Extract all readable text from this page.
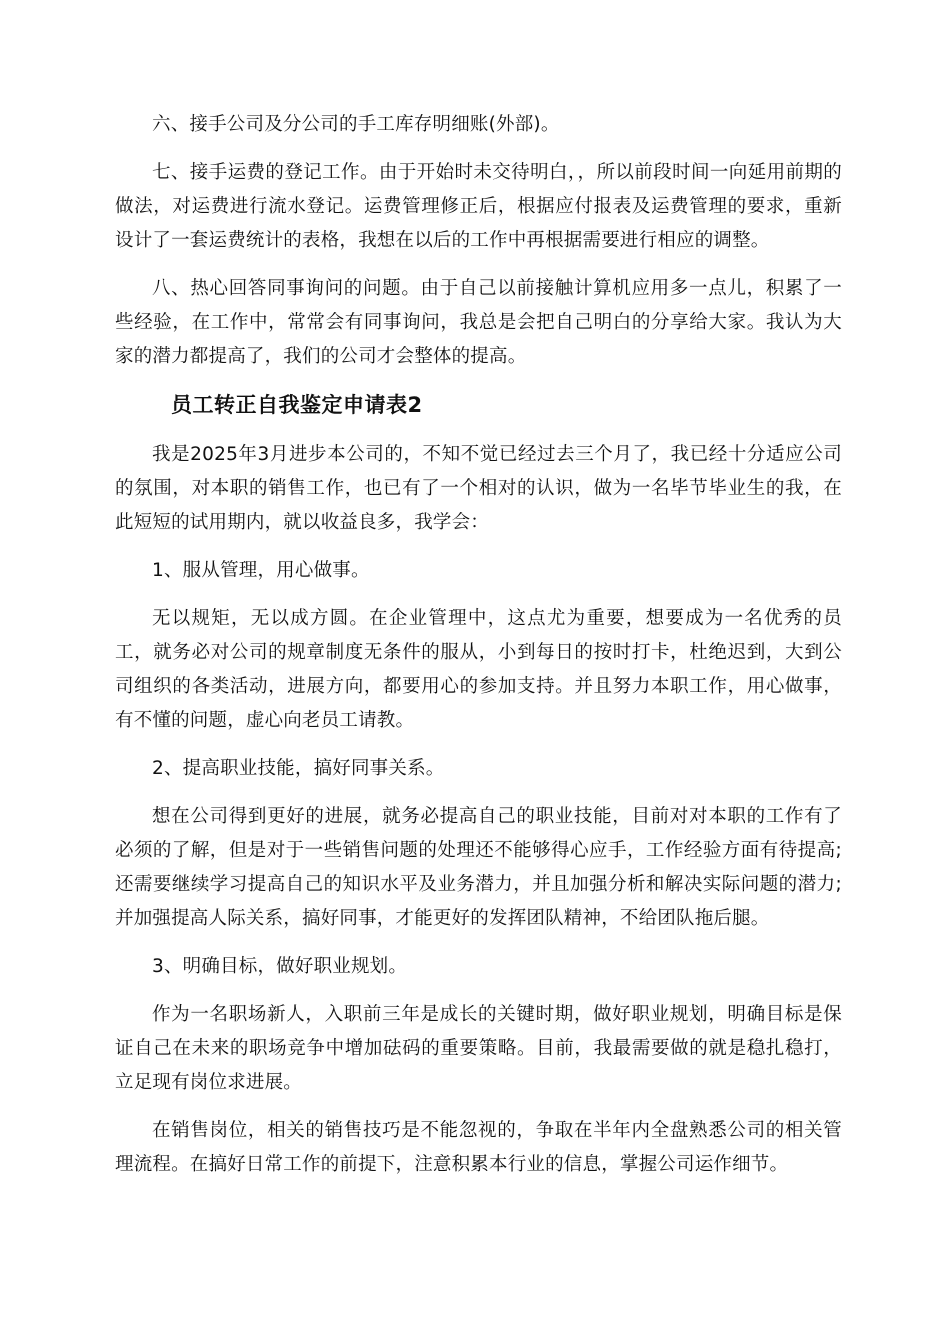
六、接手公司及分公司的手工库存明细账(外部)。

七、接手运费的登记工作。由于开始时未交待明白，，所以前段时间一向延用前期的做法，对运费进行流水登记。运费管理修正后，根据应付报表及运费管理的要求，重新设计了一套运费统计的表格，我想在以后的工作中再根据需要进行相应的调整。

八、热心回答同事询问的问题。由于自己以前接触计算机应用多一点儿，积累了一些经验，在工作中，常常会有同事询问，我总是会把自己明白的分享给大家。我认为大家的潜力都提高了，我们的公司才会整体的提高。

员工转正自我鉴定申请表2

我是2025年3月进步本公司的，不知不觉已经过去三个月了，我已经十分适应公司的氛围，对本职的销售工作，也已有了一个相对的认识，做为一名毕节毕业生的我，在此短短的试用期内，就以收益良多，我学会：

1、服从管理，用心做事。

无以规矩，无以成方圆。在企业管理中，这点尤为重要，想要成为一名优秀的员工，就务必对公司的规章制度无条件的服从，小到每日的按时打卡，杜绝迟到，大到公司组织的各类活动，进展方向，都要用心的参加支持。并且努力本职工作，用心做事，有不懂的问题，虚心向老员工请教。

2、提高职业技能，搞好同事关系。

想在公司得到更好的进展，就务必提高自己的职业技能，目前对对本职的工作有了必须的了解，但是对于一些销售问题的处理还不能够得心应手，工作经验方面有待提高;还需要继续学习提高自己的知识水平及业务潜力，并且加强分析和解决实际问题的潜力;并加强提高人际关系，搞好同事，才能更好的发挥团队精神，不给团队拖后腿。

3、明确目标，做好职业规划。

作为一名职场新人，入职前三年是成长的关键时期，做好职业规划，明确目标是保证自己在未来的职场竞争中增加砝码的重要策略。目前，我最需要做的就是稳扎稳打，立足现有岗位求进展。

在销售岗位，相关的销售技巧是不能忽视的，争取在半年内全盘熟悉公司的相关管理流程。在搞好日常工作的前提下，注意积累本行业的信息，掌握公司运作细节。
